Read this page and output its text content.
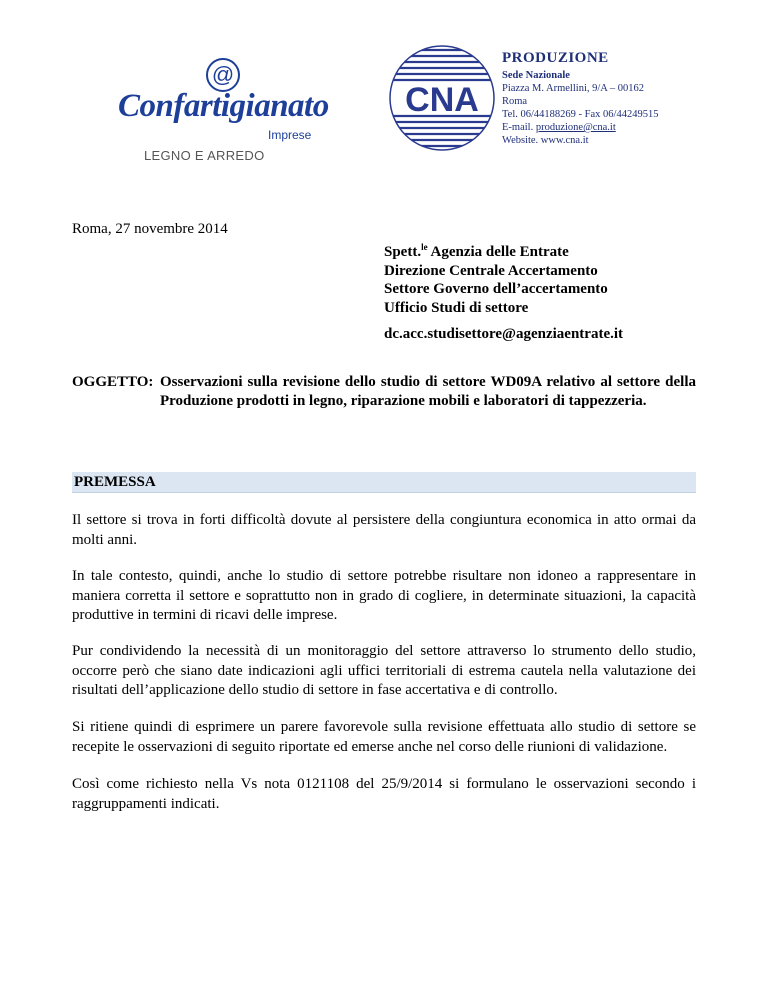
@
Confartigianato
Imprese
LEGNO E ARREDO
CNA
PRODUZIONE
Sede Nazionale
Piazza M. Armellini, 9/A – 00162
Roma
Tel. 06/44188269 - Fax 06/44249515
E-mail. produzione@cna.it
Website. www.cna.it
Roma, 27 novembre 2014
Spett.$^{le}$ Agenzia delle Entrate
Direzione Centrale Accertamento
Settore Governo dell’accertamento
Ufficio Studi di settore
dc.acc.studisettore@agenziaentrate.it
OGGETTO: Osservazioni sulla revisione dello studio di settore WD09A relativo al settore della Produzione prodotti in legno, riparazione mobili e laboratori di tappezzeria.
PREMESSA
Il settore si trova in forti difficoltà dovute al persistere della congiuntura economica in atto ormai da molti anni.
In tale contesto, quindi, anche lo studio di settore potrebbe risultare non idoneo a rappresentare in maniera corretta il settore e soprattutto non in grado di cogliere, in determinate situazioni, la capacità produttive in termini di ricavi delle imprese.
Pur condividendo la necessità di un monitoraggio del settore attraverso lo strumento dello studio, occorre però che siano date indicazioni agli uffici territoriali di estrema cautela nella valutazione dei risultati dell’applicazione dello studio di settore in fase accertativa e di controllo.
Si ritiene quindi di esprimere un parere favorevole sulla revisione effettuata allo studio di settore se recepite le osservazioni di seguito riportate ed emerse anche nel corso delle riunioni di validazione.
Così come richiesto nella Vs nota 0121108 del 25/9/2014 si formulano le osservazioni secondo i raggruppamenti indicati.
